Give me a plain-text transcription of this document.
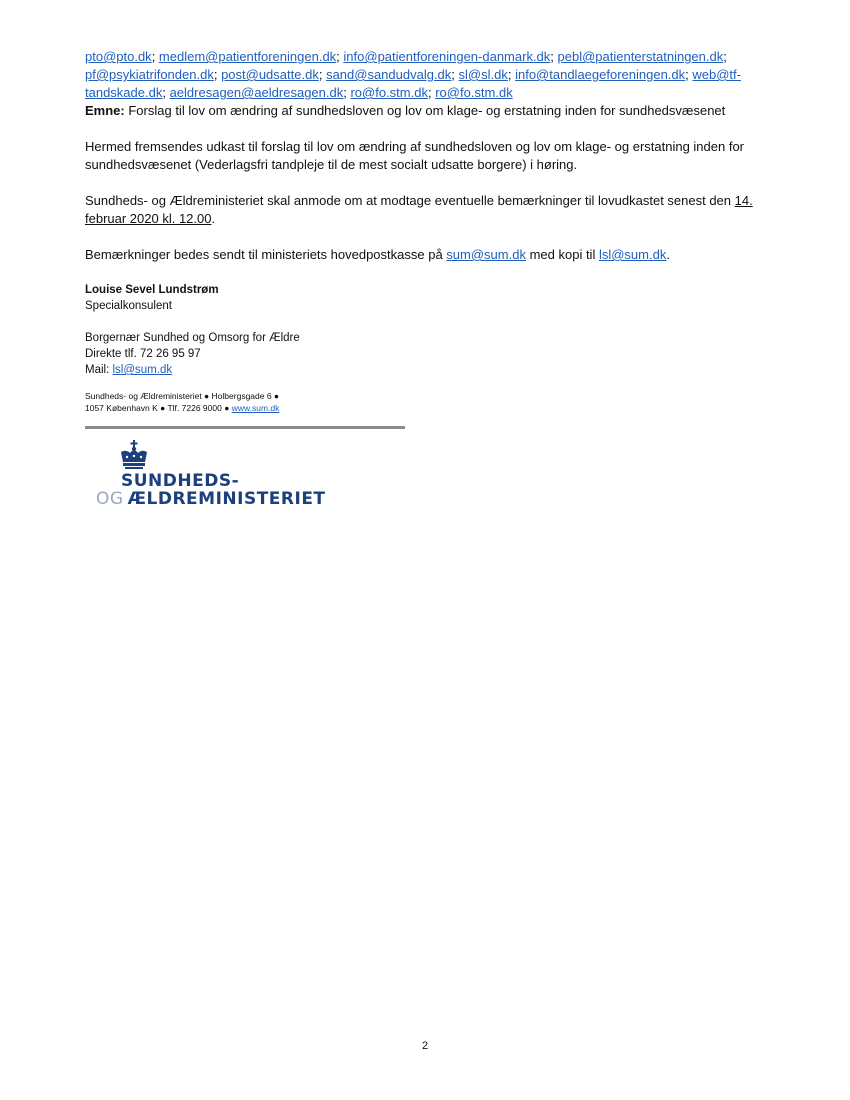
pto@pto.dk; medlem@patientforeningen.dk; info@patientforeningen-danmark.dk; pebl@patienterstatningen.dk; pf@psykiatrifonden.dk; post@udsatte.dk; sand@sandudvalg.dk; sl@sl.dk; info@tandlaegeforeningen.dk; web@tf-tandskade.dk; aeldresagen@aeldresagen.dk; ro@fo.stm.dk; ro@fo.stm.dk

Emne: Forslag til lov om ændring af sundhedsloven og lov om klage- og erstatning inden for sundhedsvæsenet

Hermed fremsendes udkast til forslag til lov om ændring af sundhedsloven og lov om klage- og erstatning inden for sundhedsvæsenet (Vederlagsfri tandpleje til de mest socialt udsatte borgere) i høring.

Sundheds- og Ældreministeriet skal anmode om at modtage eventuelle bemærkninger til lovudkastet senest den 14. februar 2020 kl. 12.00.

Bemærkninger bedes sendt til ministeriets hovedpostkasse på sum@sum.dk med kopi til lsl@sum.dk.

Louise Sevel Lundstrøm

Specialkonsulent

Borgernær Sundhed og Omsorg for Ældre

Direkte tlf. 72 26 95 97

Mail: lsl@sum.dk

Sundheds- og Ældreministeriet ● Holbergsgade 6 ●

1057 København K ● Tlf. 7226 9000 ● www.sum.dk

SUNDHEDS-
OG ÆLDREMINISTERIET
2
